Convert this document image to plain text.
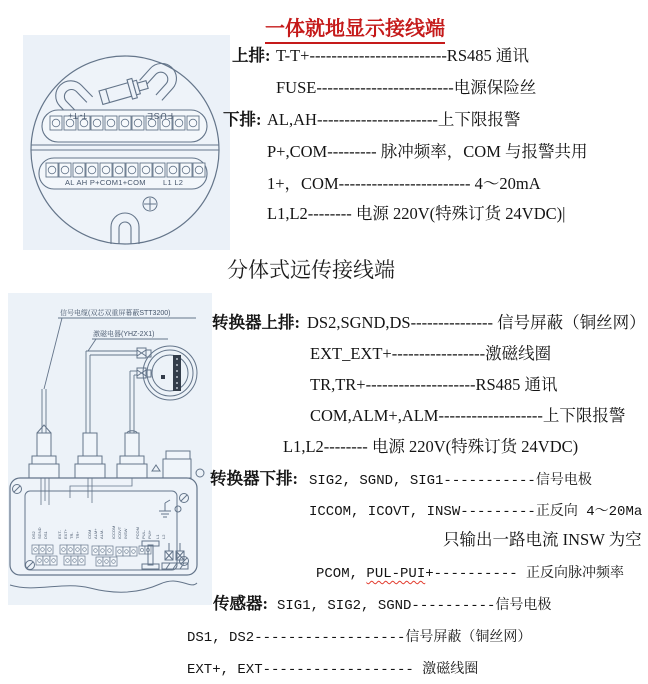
一体就地显示接线端
T- T+	FUSE
AL AH P+COM1+COM L1 L2
上排: T-T+-------------------------RS485 通讯
FUSE-------------------------电源保险丝
下排: AL,AH----------------------上下限报警
P+,COM--------- 脉冲频率，COM 与报警共用
1+，COM------------------------ 4～20mA
L1,L2-------- 电源 220V(特殊订货 24VDC)|
分体式远传接线端
信号电缆(双芯双重屏幕蔽STT3200)
激磁电器(YHZ-2X1)
DS2 SGND DS1 EXT- EXT+ TR- TR+ COM ALM+ ALM- ICCOM ICOVT INSW PCOM PUL- PUI+ L1 L2
转换器上排: DS2,SGND,DS--------------- 信号屏蔽（铜丝网）
EXT_EXT+-----------------激磁线圈
TR,TR+--------------------RS485 通讯
COM,ALM+,ALM-------------------上下限报警
L1,L2-------- 电源 220V(特殊订货 24VDC)
转换器下排: SIG2, SGND, SIG1-----------信号电极
ICCOM, ICOVT, INSW---------正反向 4～20Ma
只输出一路电流 INSW 为空
PCOM, PUL-PUI+---------- 正反向脉冲频率
传感器: SIG1, SIG2, SGND----------信号电极
DS1, DS2------------------信号屏蔽（铜丝网）
EXT+, EXT------------------ 激磁线圈
